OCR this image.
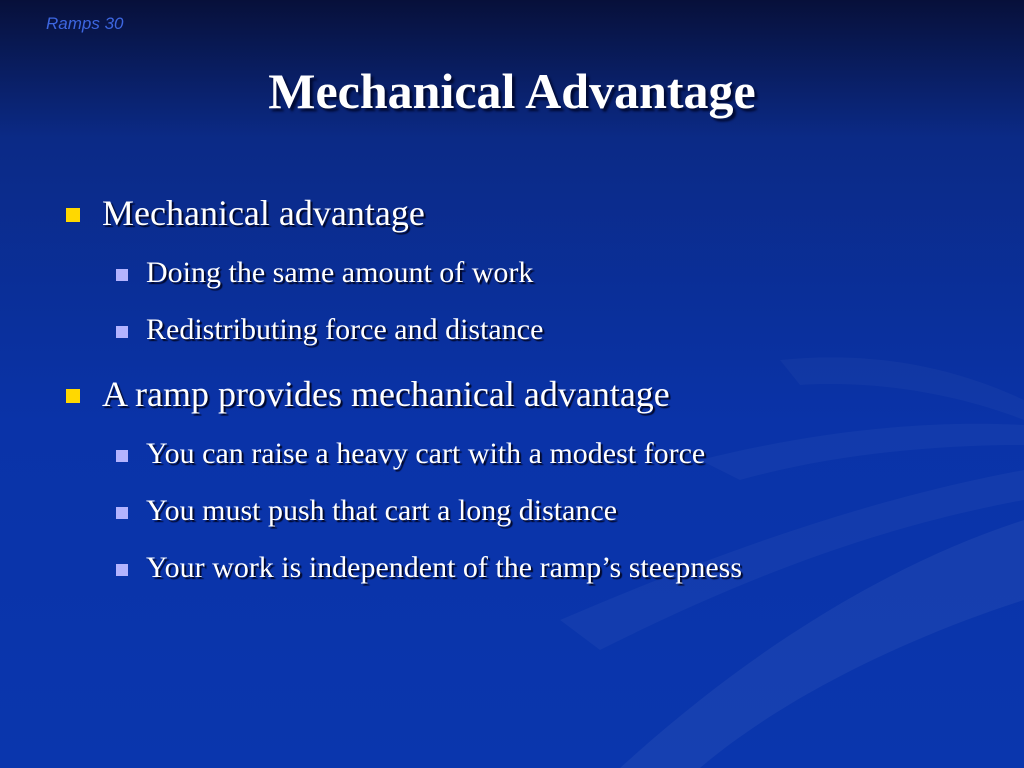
Ramps 30

Mechanical Advantage
Mechanical advantage
Doing the same amount of work
Redistributing force and distance
A ramp provides mechanical advantage
You can raise a heavy cart with a modest force
You must push that cart a long distance
Your work is independent of the ramp’s steepness
